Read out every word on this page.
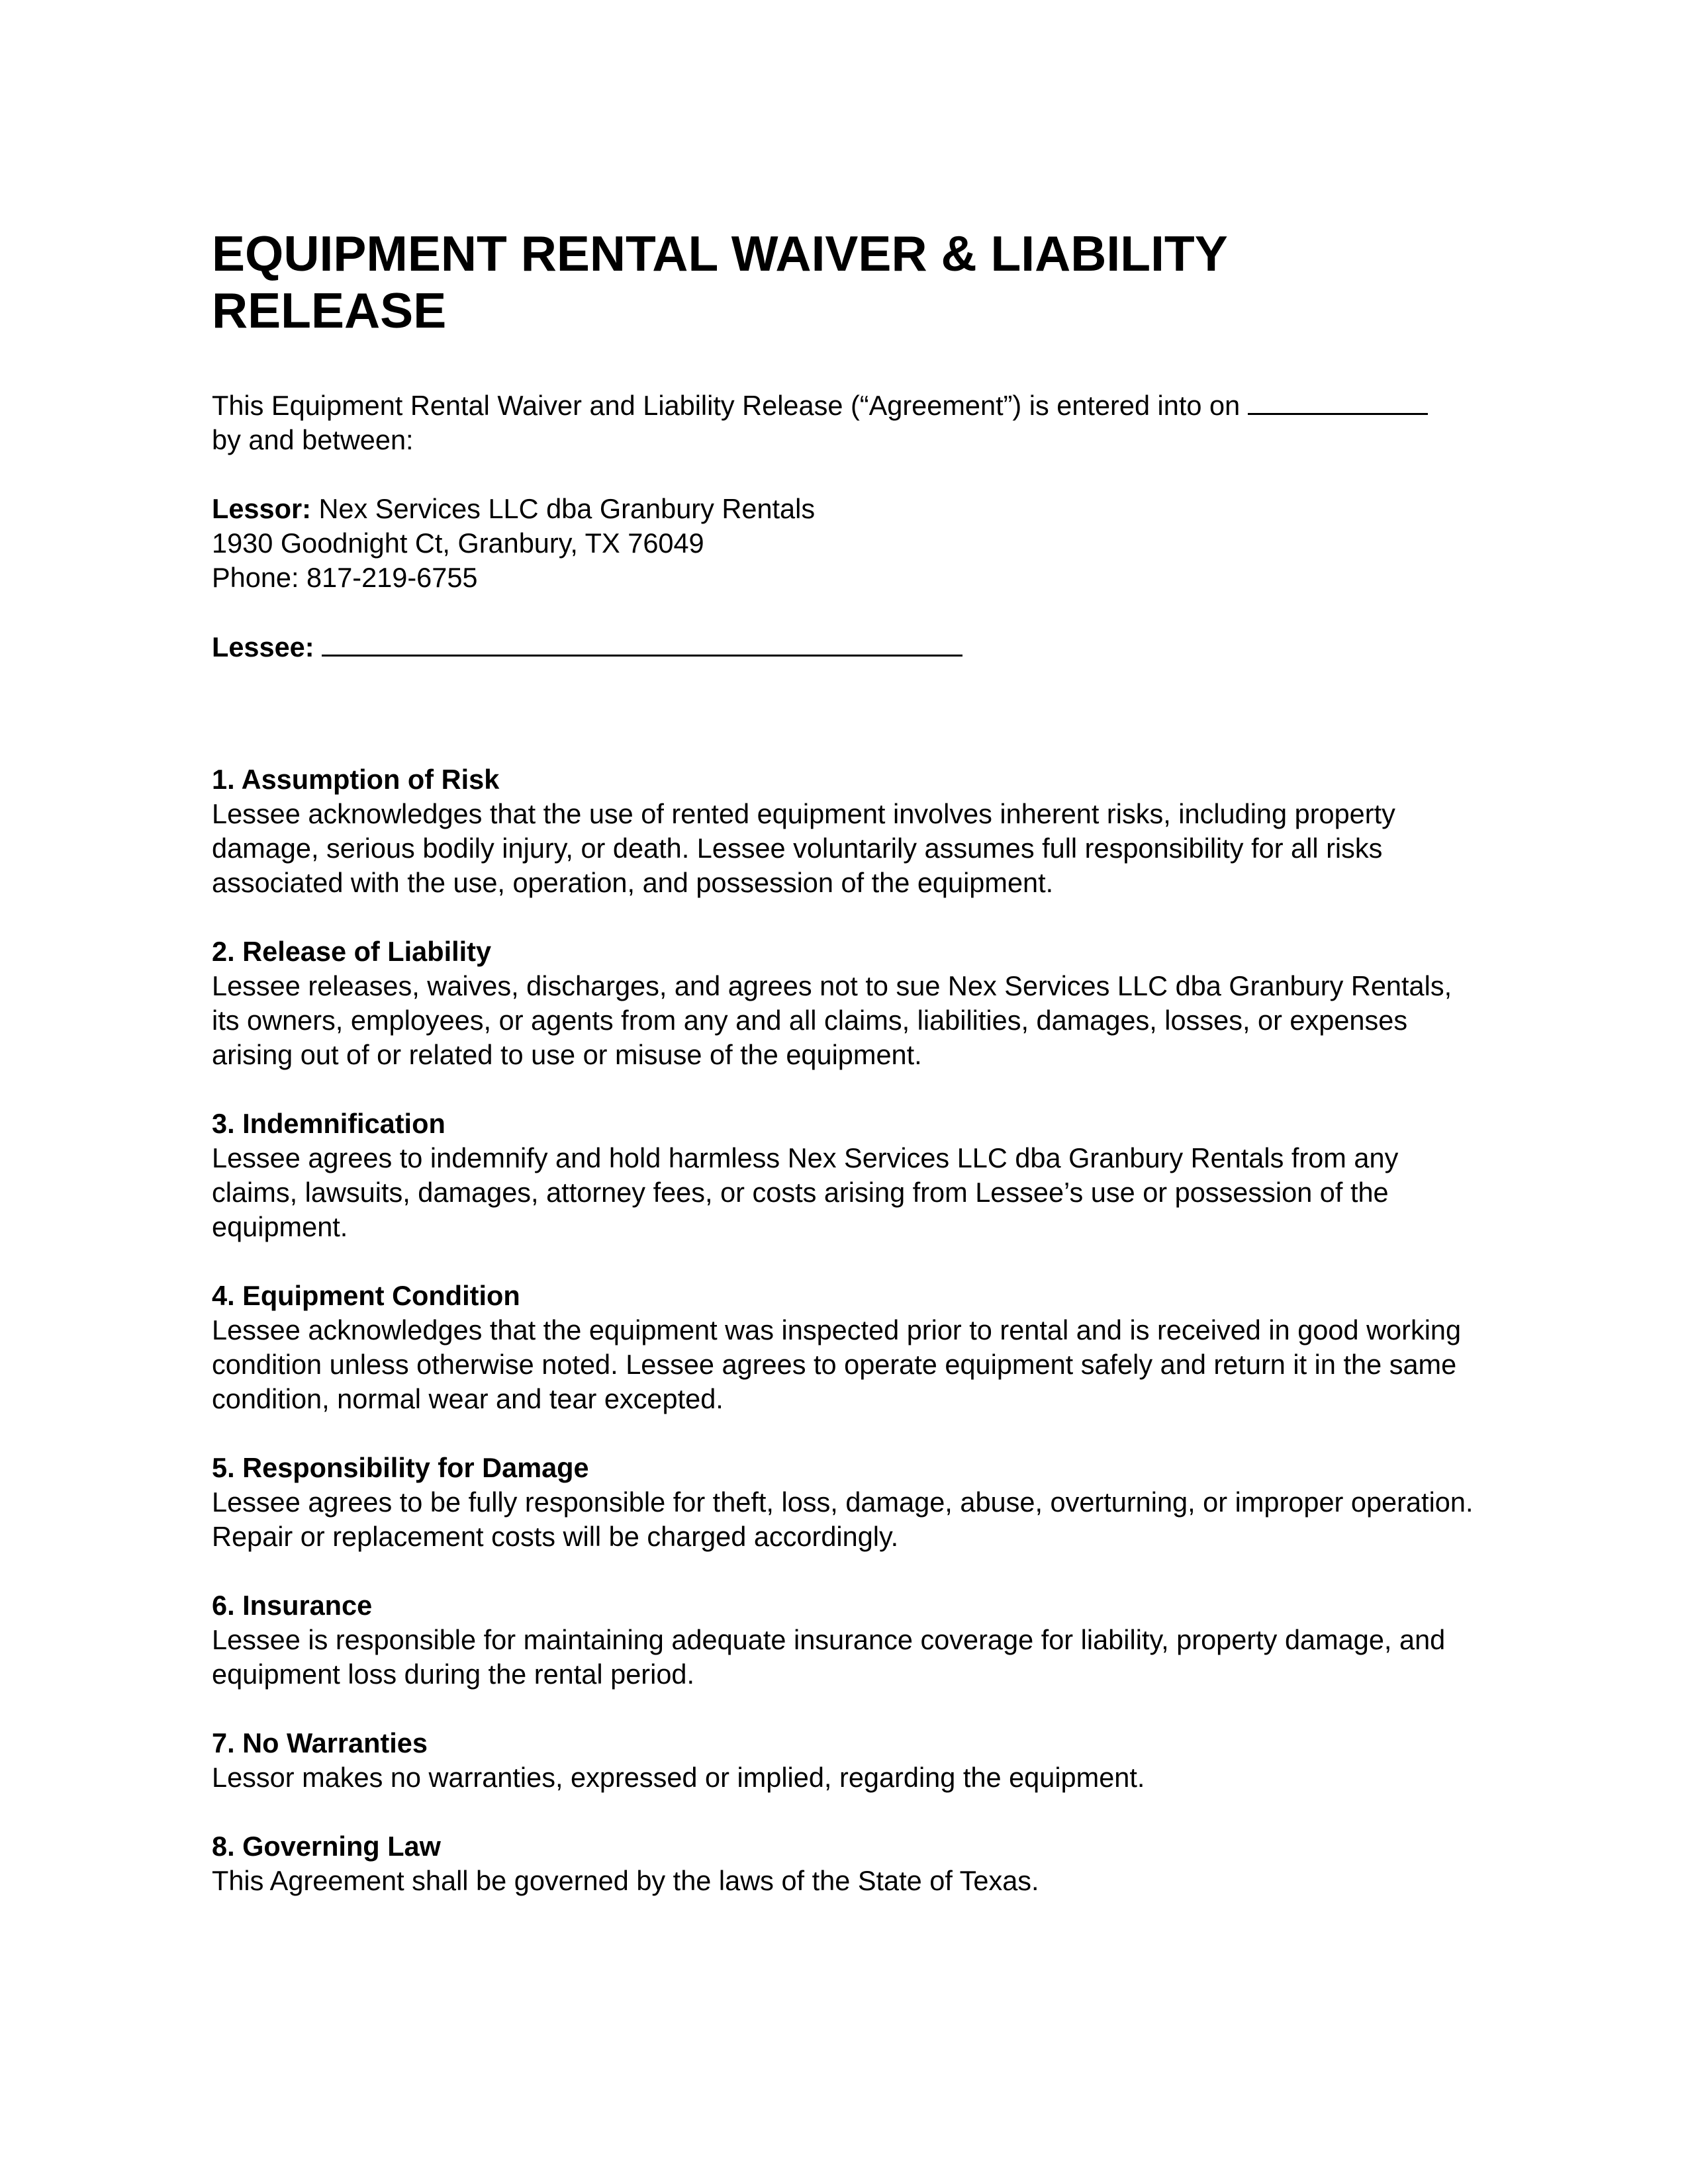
EQUIPMENT RENTAL WAIVER & LIABILITY RELEASE

This Equipment Rental Waiver and Liability Release (“Agreement”) is entered into on
by and between:

Lessor: Nex Services LLC dba Granbury Rentals

1930 Goodnight Ct, Granbury, TX 76049

Phone: 817-219-6755

Lessee:

1. Assumption of Risk

Lessee acknowledges that the use of rented equipment involves inherent risks, including property damage, serious bodily injury, or death. Lessee voluntarily assumes full responsibility for all risks associated with the use, operation, and possession of the equipment.

2. Release of Liability

Lessee releases, waives, discharges, and agrees not to sue Nex Services LLC dba Granbury Rentals, its owners, employees, or agents from any and all claims, liabilities, damages, losses, or expenses arising out of or related to use or misuse of the equipment.

3. Indemnification

Lessee agrees to indemnify and hold harmless Nex Services LLC dba Granbury Rentals from any claims, lawsuits, damages, attorney fees, or costs arising from Lessee’s use or possession of the equipment.

4. Equipment Condition

Lessee acknowledges that the equipment was inspected prior to rental and is received in good working condition unless otherwise noted. Lessee agrees to operate equipment safely and return it in the same condition, normal wear and tear excepted.

5. Responsibility for Damage

Lessee agrees to be fully responsible for theft, loss, damage, abuse, overturning, or improper operation. Repair or replacement costs will be charged accordingly.

6. Insurance

Lessee is responsible for maintaining adequate insurance coverage for liability, property damage, and equipment loss during the rental period.

7. No Warranties

Lessor makes no warranties, expressed or implied, regarding the equipment.

8. Governing Law

This Agreement shall be governed by the laws of the State of Texas.
